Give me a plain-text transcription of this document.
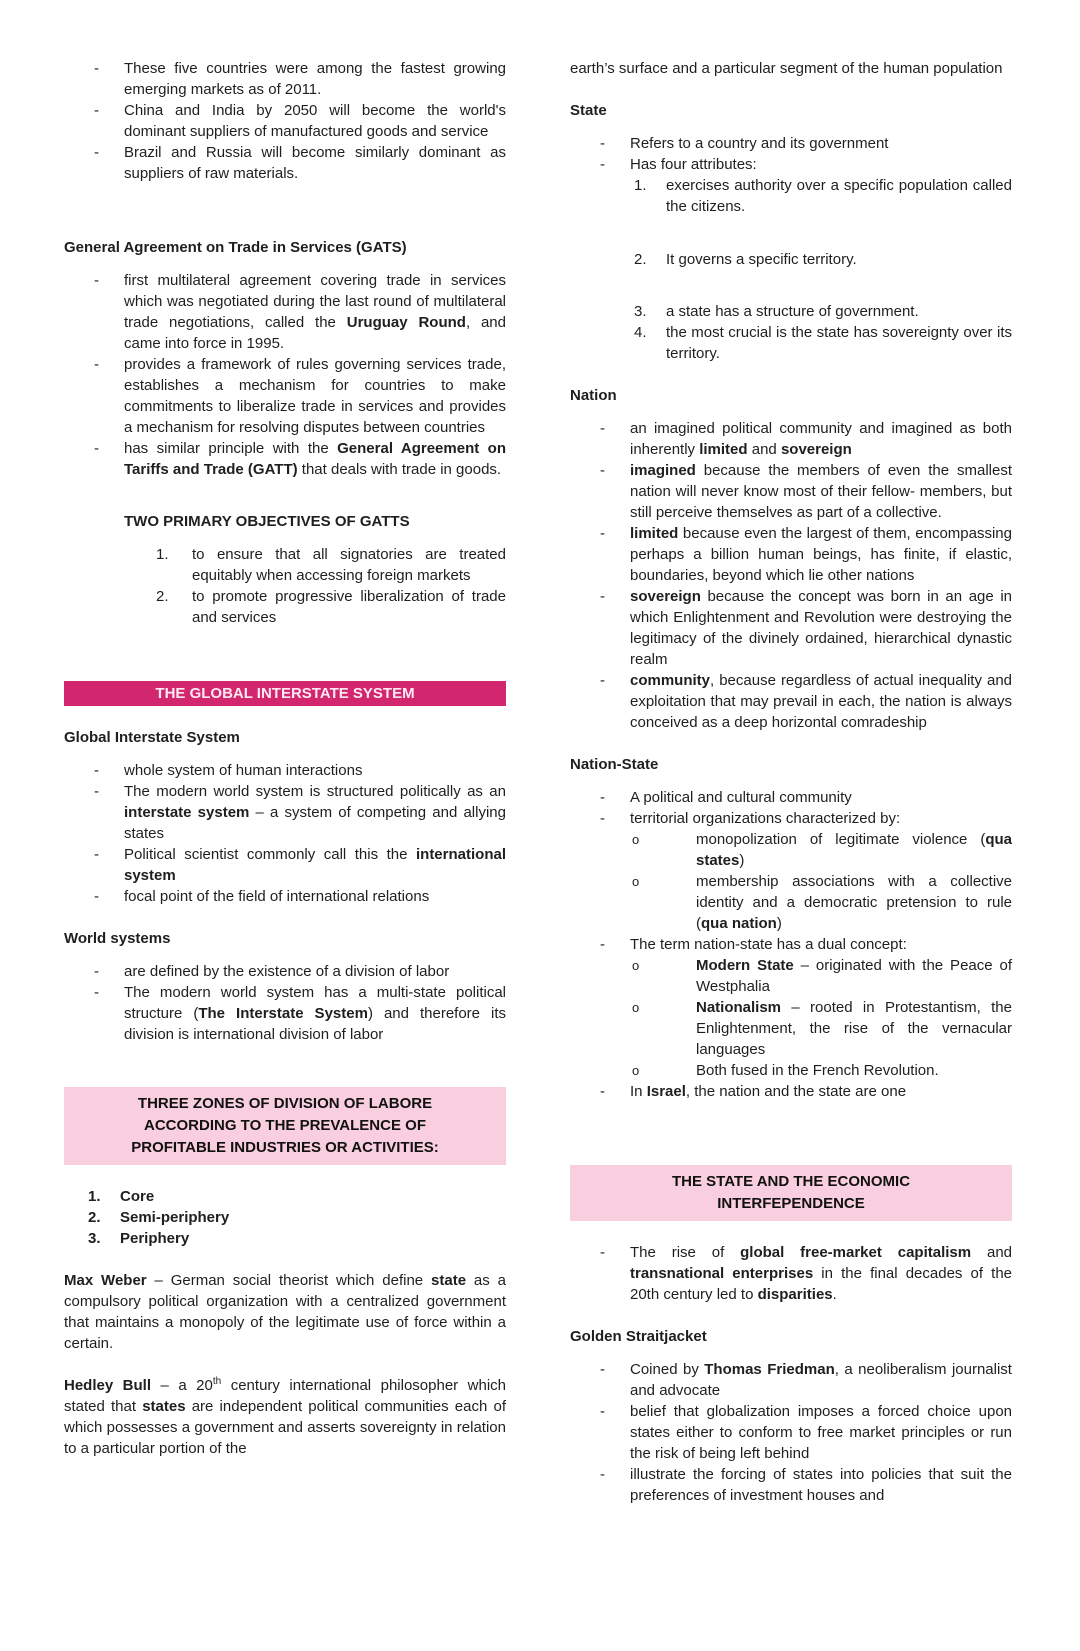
-	These five countries were among the fastest growing emerging markets as of 2011.
-	China and India by 2050 will become the world's dominant suppliers of manufactured goods and service
-	Brazil and Russia will become similarly dominant as suppliers of raw materials.
General Agreement on Trade in Services (GATS)
-	first multilateral agreement covering trade in services which was negotiated during the last round of multilateral trade negotiations, called the Uruguay Round, and came into force in 1995.
-	provides a framework of rules governing services trade, establishes a mechanism for countries to make commitments to liberalize trade in services and provides a mechanism for resolving disputes between countries
-	has similar principle with the General Agreement on Tariffs and Trade (GATT) that deals with trade in goods.
TWO PRIMARY OBJECTIVES OF GATTS
1.	to ensure that all signatories are treated equitably when accessing foreign markets
2.	to promote progressive liberalization of trade and services
THE GLOBAL INTERSTATE SYSTEM
Global Interstate System
-	whole system of human interactions
-	The modern world system is structured politically as an interstate system – a system of competing and allying states
-	Political scientist commonly call this the international system
-	focal point of the field of international relations
World systems
-	are defined by the existence of a division of labor
-	The modern world system has a multi-state political structure (The Interstate System) and therefore its division is international division of labor
THREE ZONES OF DIVISION OF LABORE
ACCORDING TO THE PREVALENCE OF
PROFITABLE INDUSTRIES OR ACTIVITIES:
1.	Core
2.	Semi-periphery
3.	Periphery
Max Weber – German social theorist which define state as a compulsory political organization with a centralized government that maintains a monopoly of the legitimate use of force within a certain.
Hedley Bull – a 20th century international philosopher which stated that states are independent political communities each of which possesses a government and asserts sovereignty in relation to a particular portion of the
earth’s surface and a particular segment of the human population
State
-	Refers to a country and its government
-	Has four attributes:
1.	exercises authority over a specific population called the citizens.
2.	It governs a specific territory.
3.	a state has a structure of government.
4.	the most crucial is the state has sovereignty over its territory.
Nation
-	an imagined political community and imagined as both inherently limited and sovereign
-	imagined because the members of even the smallest nation will never know most of their fellow- members, but still perceive themselves as part of a collective.
-	limited because even the largest of them, encompassing perhaps a billion human beings, has finite, if elastic, boundaries, beyond which lie other nations
-	sovereign because the concept was born in an age in which Enlightenment and Revolution were destroying the legitimacy of the divinely ordained, hierarchical dynastic realm
-	community, because regardless of actual inequality and exploitation that may prevail in each, the nation is always conceived as a deep horizontal comradeship
Nation-State
-	A political and cultural community
-	territorial organizations characterized by:
o	monopolization of legitimate violence (qua states)
o	membership associations with a collective identity and a democratic pretension to rule (qua nation)
-	The term nation-state has a dual concept:
o	Modern State – originated with the Peace of Westphalia
o	Nationalism – rooted in Protestantism, the Enlightenment, the rise of the vernacular languages
o	Both fused in the French Revolution.
-	In Israel, the nation and the state are one
THE STATE AND THE ECONOMIC
INTERFEPENDENCE
-	The rise of global free-market capitalism and transnational enterprises in the final decades of the 20th century led to disparities.
Golden Straitjacket
-	Coined by Thomas Friedman, a neoliberalism journalist and advocate
-	belief that globalization imposes a forced choice upon states either to conform to free market principles or run the risk of being left behind
-	illustrate the forcing of states into policies that suit the preferences of investment houses and
